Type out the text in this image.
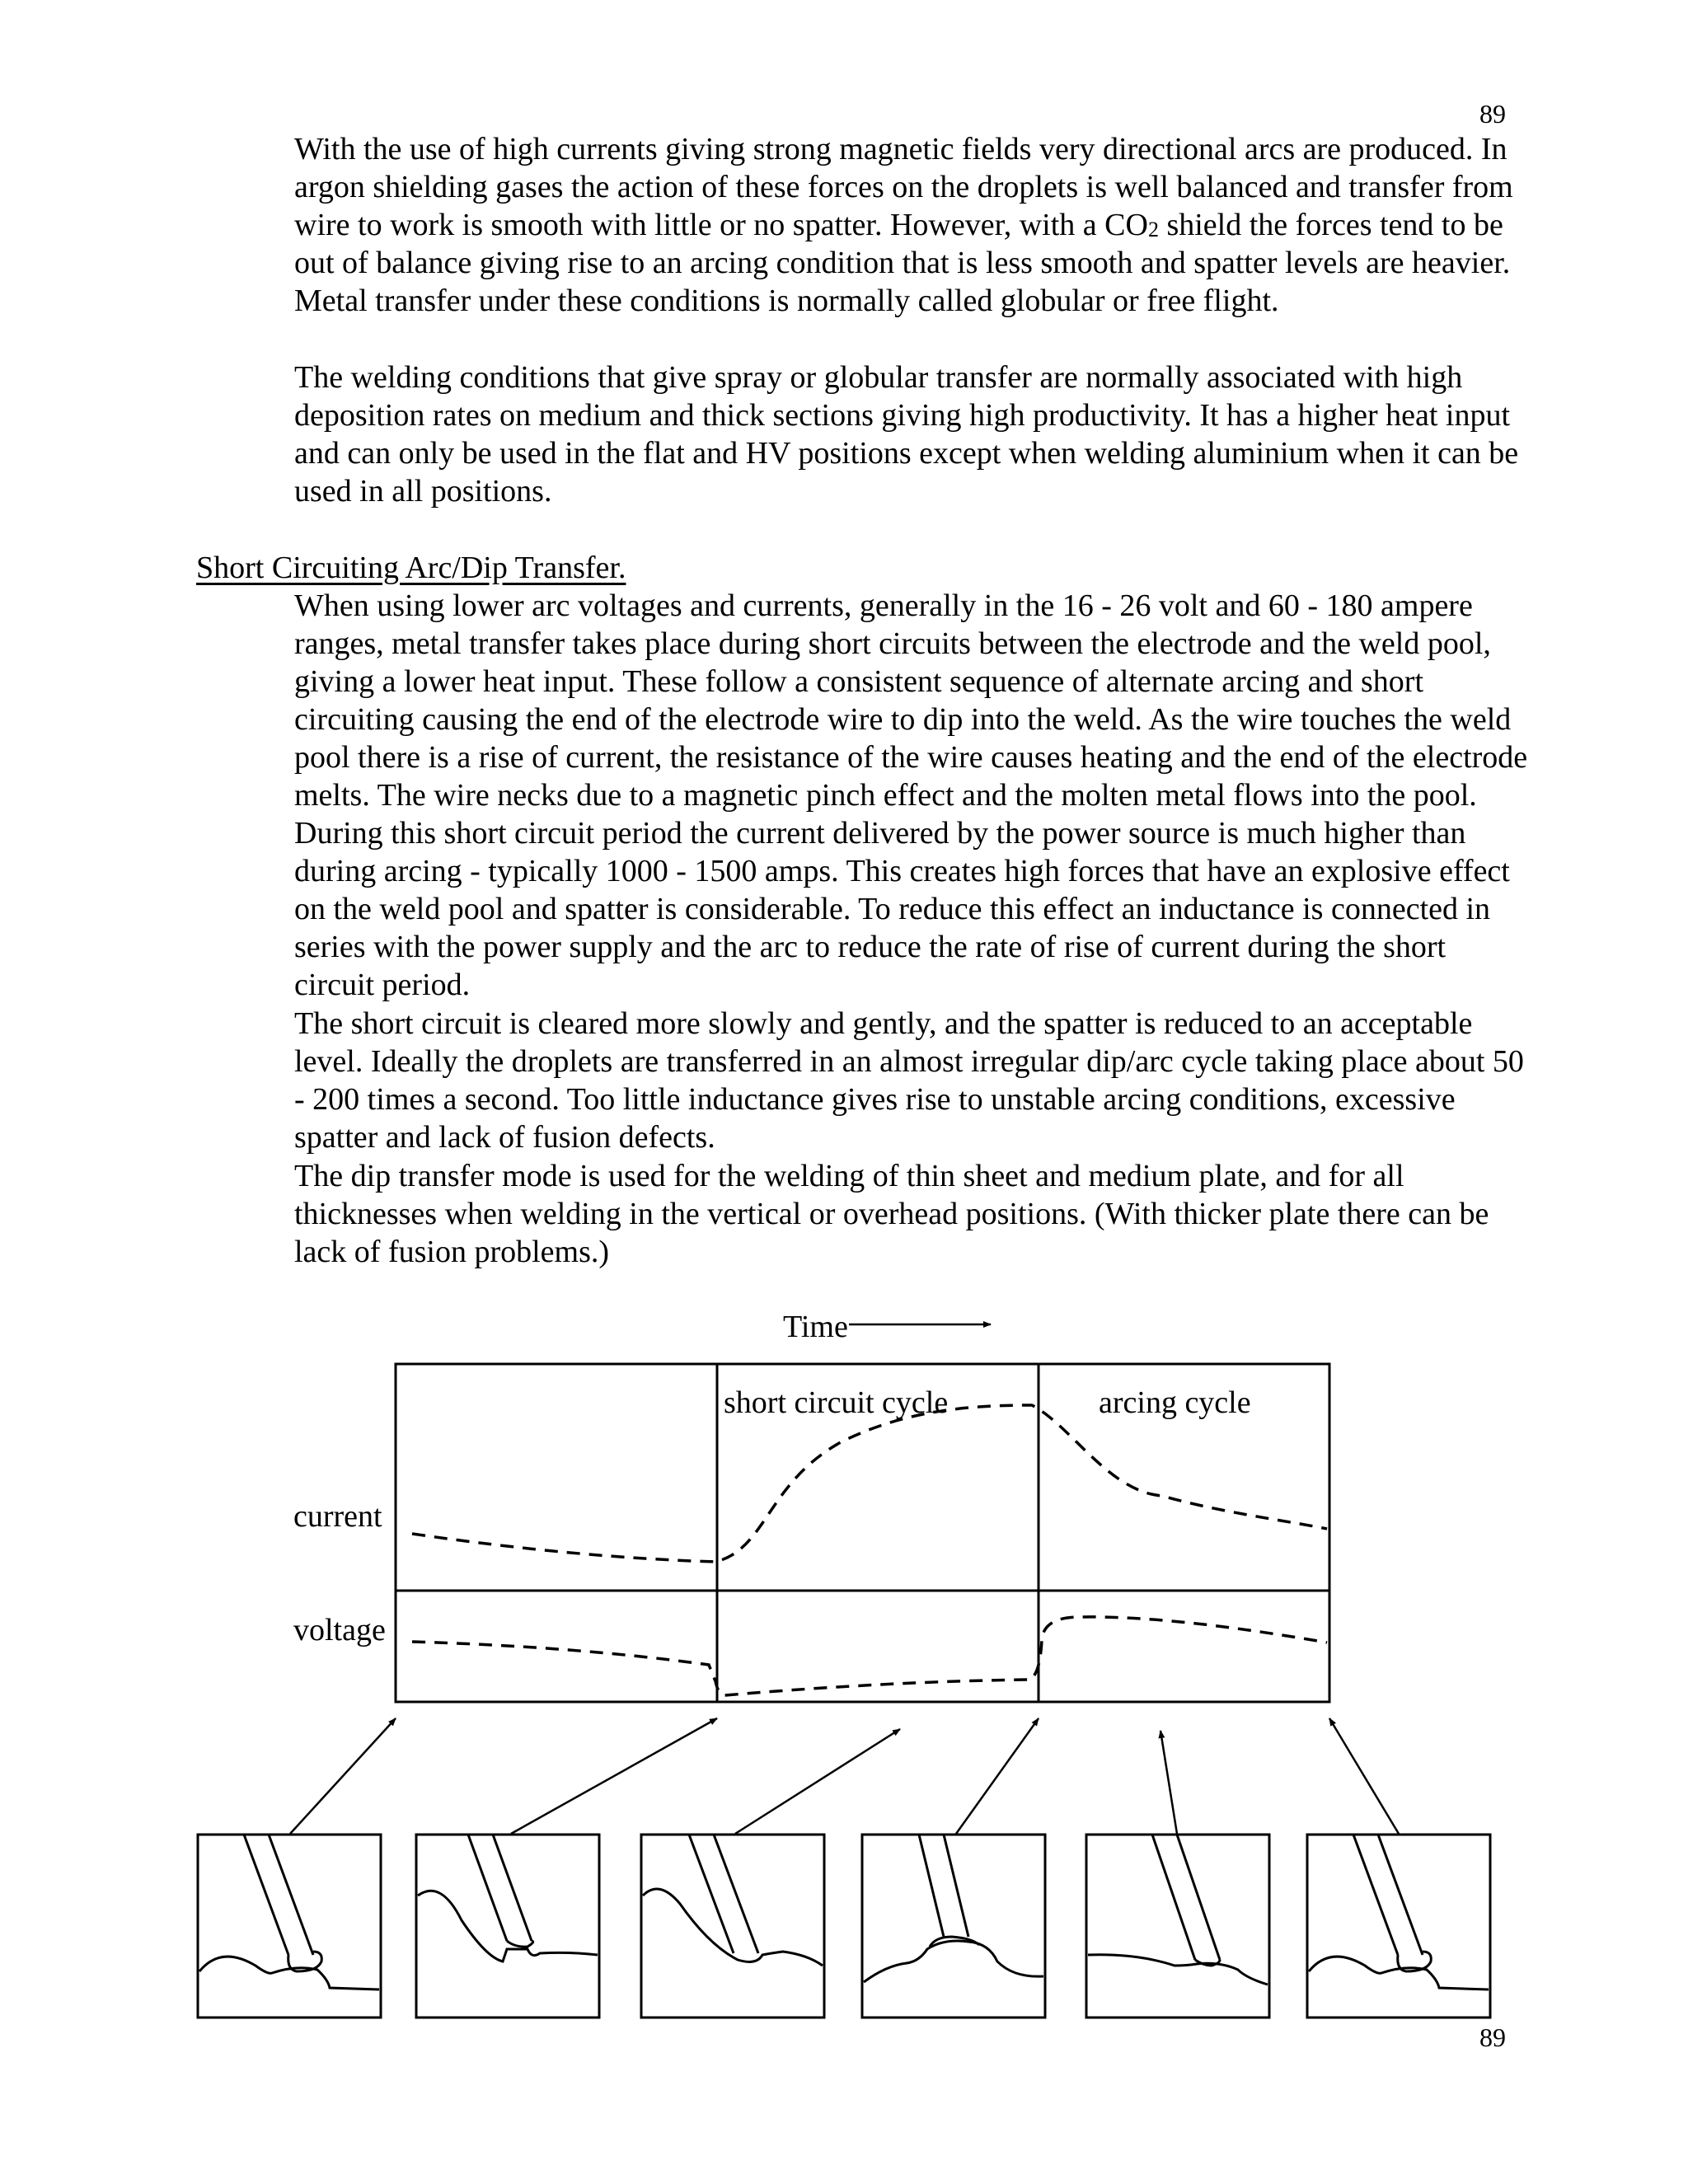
89

With the use of high currents giving strong magnetic fields very directional arcs are produced. In argon shielding gases the action of these forces on the droplets is well balanced and transfer from wire to work is smooth with little or no spatter. However, with a $CO_2$ shield the forces tend to be out of balance giving rise to an arcing condition that is less smooth and spatter levels are heavier. Metal transfer under these conditions is normally called globular or free flight.

The welding conditions that give spray or globular transfer are normally associated with high deposition rates on medium and thick sections giving high productivity. It has a higher heat input and can only be used in the flat and HV positions except when welding aluminium when it can be used in all positions.

Short Circuiting Arc/Dip Transfer.

When using lower arc voltages and currents, generally in the 16 - 26 volt and 60 - 180 ampere ranges, metal transfer takes place during short circuits between the electrode and the weld pool, giving a lower heat input. These follow a consistent sequence of alternate arcing and short circuiting causing the end of the electrode wire to dip into the weld. As the wire touches the weld pool there is a rise of current, the resistance of the wire causes heating and the end of the electrode melts. The wire necks due to a magnetic pinch effect and the molten metal flows into the pool. During this short circuit period the current delivered by the power source is much higher than during arcing - typically 1000 - 1500 amps. This creates high forces that have an explosive effect on the weld pool and spatter is considerable. To reduce this effect an inductance is connected in series with the power supply and the arc to reduce the rate of rise of current during the short circuit period.

The short circuit is cleared more slowly and gently, and the spatter is reduced to an acceptable level. Ideally the droplets are transferred in an almost irregular dip/arc cycle taking place about 50 - 200 times a second. Too little inductance gives rise to unstable arcing conditions, excessive spatter and lack of fusion defects.

The dip transfer mode is used for the welding of thin sheet and medium plate, and for all thicknesses when welding in the vertical or overhead positions. (With thicker plate there can be lack of fusion problems.)

Time
short circuit cycle	arcing cycle
current
voltage
89
